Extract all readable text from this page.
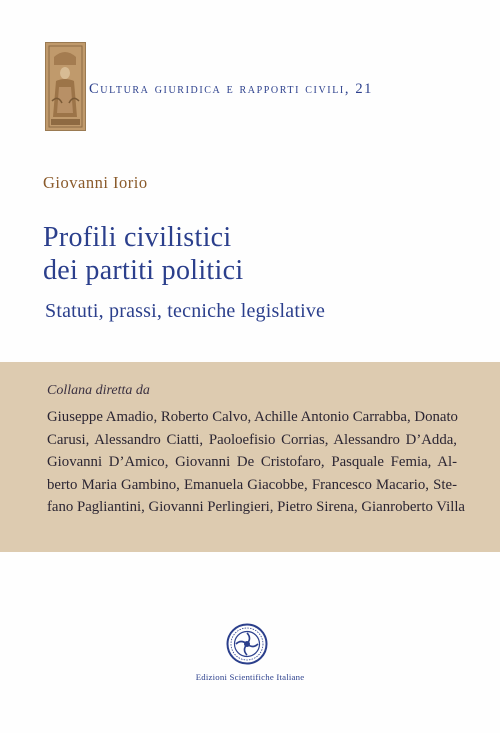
Cultura giuridica e rapporti civili, 21
Giovanni Iorio
Profili civilistici
dei partiti politici
Statuti, prassi, tecniche legislative
Collana diretta da
Giuseppe Amadio, Roberto Calvo, Achille Antonio Carrabba, Donato
Carusi, Alessandro Ciatti, Paoloefisio Corrias, Alessandro D’Adda,
Giovanni D’Amico, Giovanni De Cristofaro, Pasquale Femia, Al-
berto Maria Gambino, Emanuela Giacobbe, Francesco Macario, Ste-
fano Pagliantini, Giovanni Perlingieri, Pietro Sirena, Gianroberto Villa
Edizioni Scientifiche Italiane
